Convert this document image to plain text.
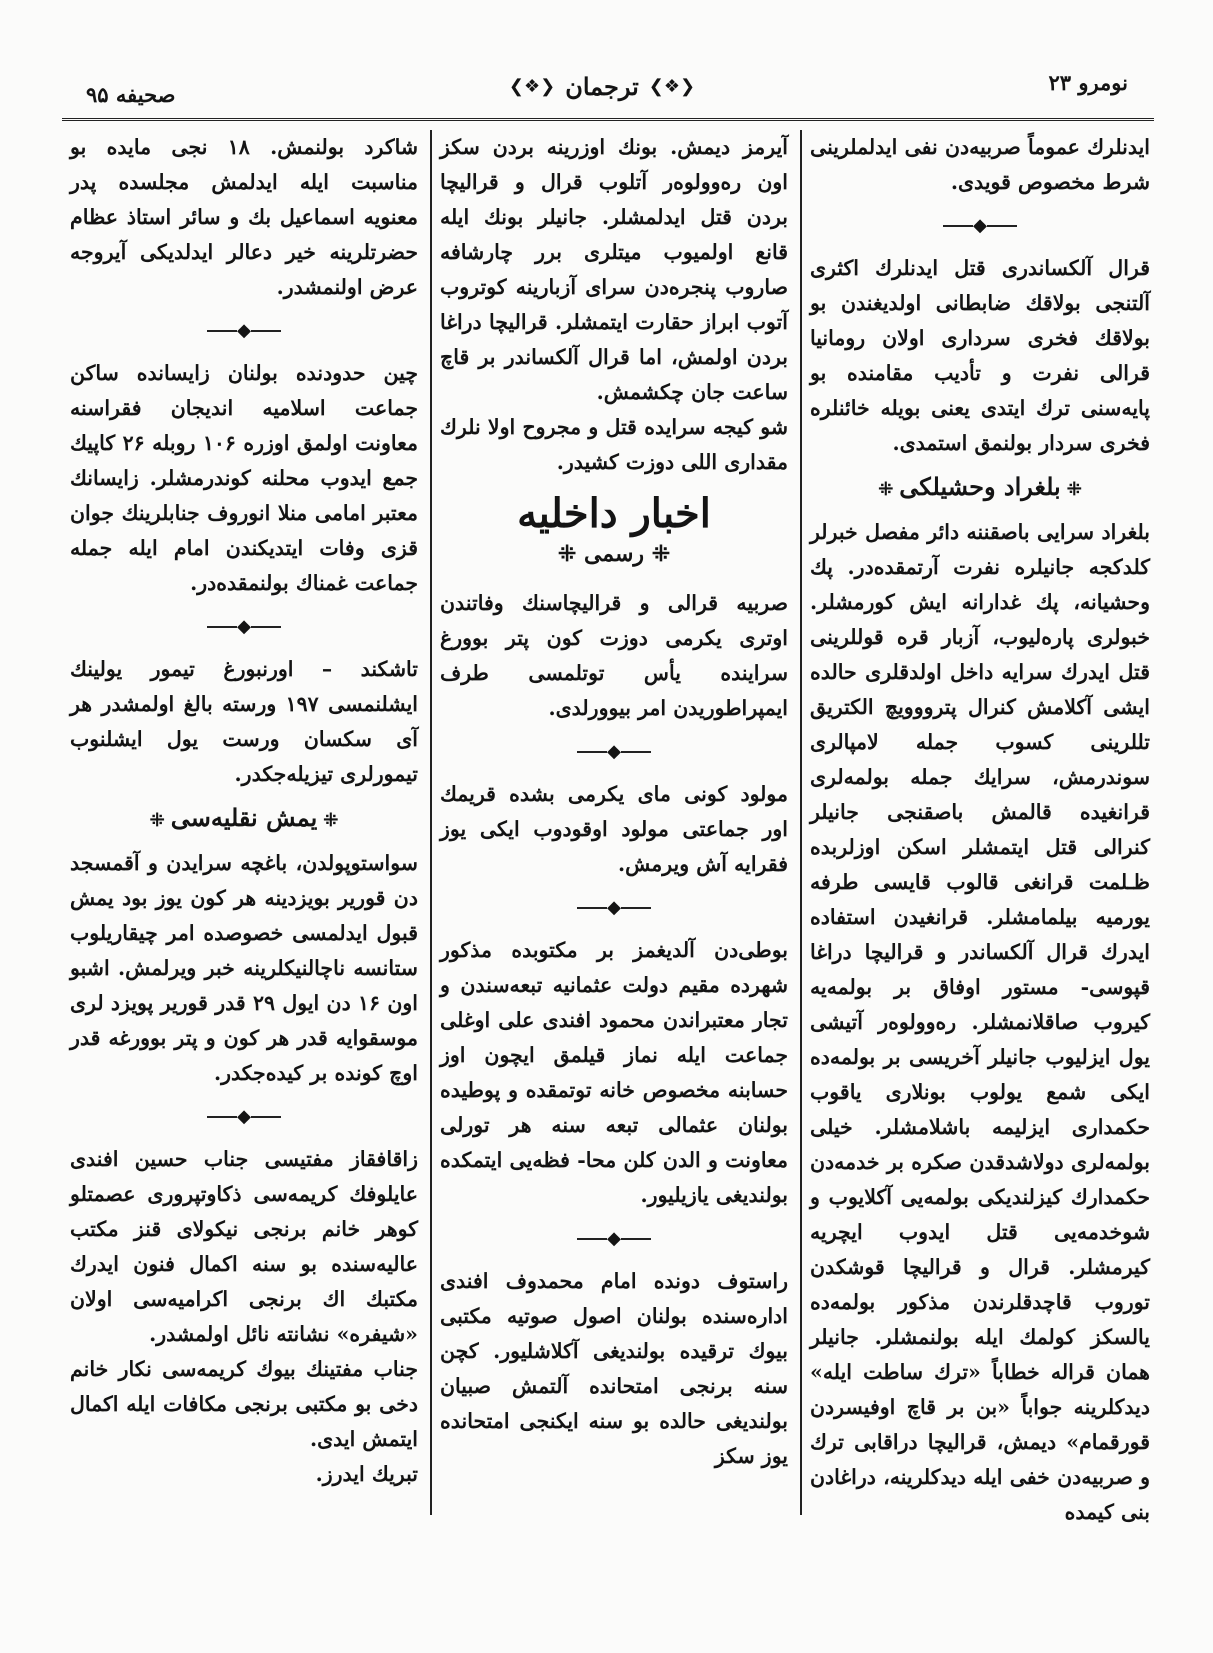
نومرو ۲۳
❮❖❯ ترجمان ❮❖❯
صحیفه ۹۵

ایدنلرك عموماً صربیه‌دن نفی ایدلملرینی شرط مخصوص قویدی.

◆

قرال آلکساندری قتل ایدنلرك اکثری آلتنجی بولاقك ضابطانی اولدیغندن بو بولاقك فخری سرداری اولان رومانیا قرالی نفرت و تأدیب مقامنده بو پایه‌سنی ترك ایتدی یعنی بویله خائنلره فخری سردار بولنمق استمدی.

⁜بلغراد وحشیلکی⁜

بلغراد سرایی باصقننه دائر مفصل خبرلر کلدکجه جانیلره نفرت آرتمقده‌در. پك وحشیانه، پك غدارانه ایش کورمشلر. خبولری پاره‌لیوب، آزبار قره قوللرینی قتل ایدرك سرایه داخل اولدقلری حالده ایشی آکلامش کنرال پترووویچ الکتریق تللرینی کسوب جمله لامپالری سوندرمش، سرایك جمله بولمه‌لری قرانغیده قالمش باصقنجی جانیلر کنرالی قتل ایتمشلر اسکن اوزلربده ظـلمت قرانغی قالوب قایسی طرفه یورمیه بیلمامشلر. قرانغیدن استفاده ایدرك قرال آلکساندر و قرالیچا دراغا قپوسی- مستور اوفاق بر بولمه‌یه کیروب صاقلانمشلر. ره‌وولوه‌ر آتیشی یول ایزلیوب جانیلر آخریسی بر بولمه‌ده ایکی شمع یولوب بونلاری یاقوب حکمداری ایزلیمه باشلامشلر. خیلی بولمه‌لری دولاشدقدن صکره بر خدمه‌دن حکمدارك کیزلندیکی بولمه‌یی آکلایوب و شوخدمه‌یی قتل ایدوب ایچریه کیرمشلر. قرال و قرالیچا قوشکدن توروب قاچدقلرندن مذکور بولمه‌ده یالسکز کولمك ایله بولنمشلر. جانیلر همان قراله خطاباً «ترك ساطت ایله» دیدکلرینه جواباً «بن بر قاچ اوفیسردن قورقمام» دیمش، قرالیچا دراقابی ترك و صربیه‌دن خفی ایله دیدکلرینه، دراغادن بنی کیمده

آیرمز دیمش. بونك اوزرینه بردن سکز اون ره‌وولوه‌ر آتلوب قرال و قرالیچا بردن قتل ایدلمشلر. جانیلر بونك ایله قانع اولمیوب میتلری برر چارشافه صاروب پنجره‌دن سرای آزبارینه کوتروب آتوب ابراز حقارت ایتمشلر. قرالیچا دراغا بردن اولمش، اما قرال آلکساندر بر قاچ ساعت جان چکشمش.

شو کیجه سرایده قتل و مجروح اولا نلرك مقداری اللی دوزت کشیدر.

اخبار داخلیه
⁜ رسمی ⁜

صربیه قرالی و قرالیچاسنك وفاتندن اوتری یکرمی دوزت کون پتر بوورغ سراینده یأس توتلمسی طرف ایمپراطوریدن امر بیوورلدی.

◆

مولود کونی مای یکرمی بشده قریمك اور جماعتی مولود اوقودوب ایکی یوز فقرایه آش ویرمش.

◆

بوطی‌دن آلدیغمز بر مکتوبده مذکور شهرده مقیم دولت عثمانیه تبعه‌سندن و تجار معتبراندن محمود افندی علی اوغلی جماعت ایله نماز قیلمق ایچون اوز حسابنه مخصوص خانه توتمقده و پوطیده بولنان عثمالی تبعه سنه هر تورلی معاونت و الدن کلن محا- فظه‌یی ایتمکده بولندیغی یازیلیور.

◆

راستوف دونده امام محمدوف افندی اداره‌سنده بولنان اصول صوتیه مکتبی بیوك ترقیده بولندیغی آکلاشلیور. کچن سنه برنجی امتحانده آلتمش صبیان بولندیغی حالده بو سنه ایکنجی امتحانده یوز سکز

شاکرد بولنمش. ۱۸ نجی مایده بو مناسبت ایله ایدلمش مجلسده پدر معنویه اسماعیل بك و سائر استاذ عظام حضرتلرینه خیر دعالر ایدلدیکی آیروجه عرض اولنمشدر.

◆

چین حدودنده بولنان زایسانده ساکن جماعت اسلامیه اندیجان فقراسنه معاونت اولمق اوزره ۱۰۶ روبله ۲۶ کاپیك جمع ایدوب محلنه کوندرمشلر. زایسانك معتبر امامی منلا انوروف جنابلرینك جوان قزی وفات ایتدیکندن امام ایله جمله جماعت غمناك بولنمقده‌در.

◆

تاشکند – اورنبورغ تیمور یولینك ایشلنمسی ۱۹۷ ورسته بالغ اولمشدر هر آی سکسان ورست یول ایشلنوب تیمورلری تیزیله‌جکدر.

⁜یمش نقلیه‌سی⁜

سواستوپولدن، باغچه سرایدن و آقمسجد دن قوریر بویزدینه هر کون یوز بود یمش قبول ایدلمسی خصوصده امر چیقاریلوب ستانسه ناچالنیکلرینه خبر ویرلمش. اشبو اون ۱۶ دن ایول ۲۹ قدر قوریر پویزد لری موسقوایه قدر هر کون و پتر بوورغه قدر اوچ کونده بر کیده‌جکدر.

◆

زاقافقاز مفتیسی جناب حسین افندی عایلوفك کریمه‌سی ذکاوتپروری عصمتلو کوهر خانم برنجی نیکولای قنز مکتب عالیه‌سنده بو سنه اکمال فنون ایدرك مکتبك اك برنجی اکرامیه‌سی اولان «شیفره» نشانته نائل اولمشدر.

جناب مفتینك بیوك کریمه‌سی نکار خانم دخی بو مکتبی برنجی مکافات ایله اکمال ایتمش ایدی.

تبریك ایدرز.
